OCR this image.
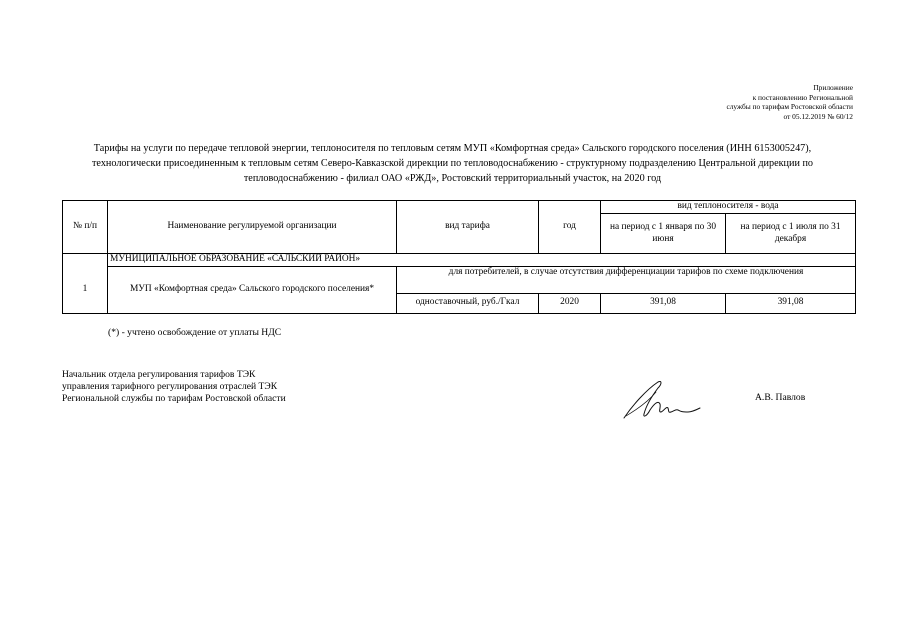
Приложение
к постановлению Региональной
службы по тарифам Ростовской области
от 05.12.2019 № 60/12
Тарифы на услуги по передаче тепловой энергии, теплоносителя по тепловым сетям МУП «Комфортная среда» Сальского городского поселения (ИНН 6153005247),
технологически присоединенным к тепловым сетям Северо-Кавказской дирекции по тепловодоснабжению - структурному подразделению Центральной дирекции по
тепловодоснабжению - филиал ОАО «РЖД», Ростовский территориальный участок, на 2020 год
№ п/п	Наименование регулируемой организации	вид тарифа	год	вид теплоносителя - вода	
				на период с 1 января по 30 июня	на период с 1 июля по 31 декабря
	МУНИЦИПАЛЬНОЕ ОБРАЗОВАНИЕ «САЛЬСКИЙ РАЙОН»				
1	МУП «Комфортная среда» Сальского городского поселения*	для потребителей, в случае отсутствия дифференциации тарифов по схеме подключения			
		одноставочный, руб./Гкал	2020	391,08	391,08
(*) - учтено освобождение от уплаты НДС
Начальник отдела регулирования тарифов ТЭК
управления тарифного регулирования отраслей ТЭК
Региональной службы по тарифам Ростовской области	А.В. Павлов
